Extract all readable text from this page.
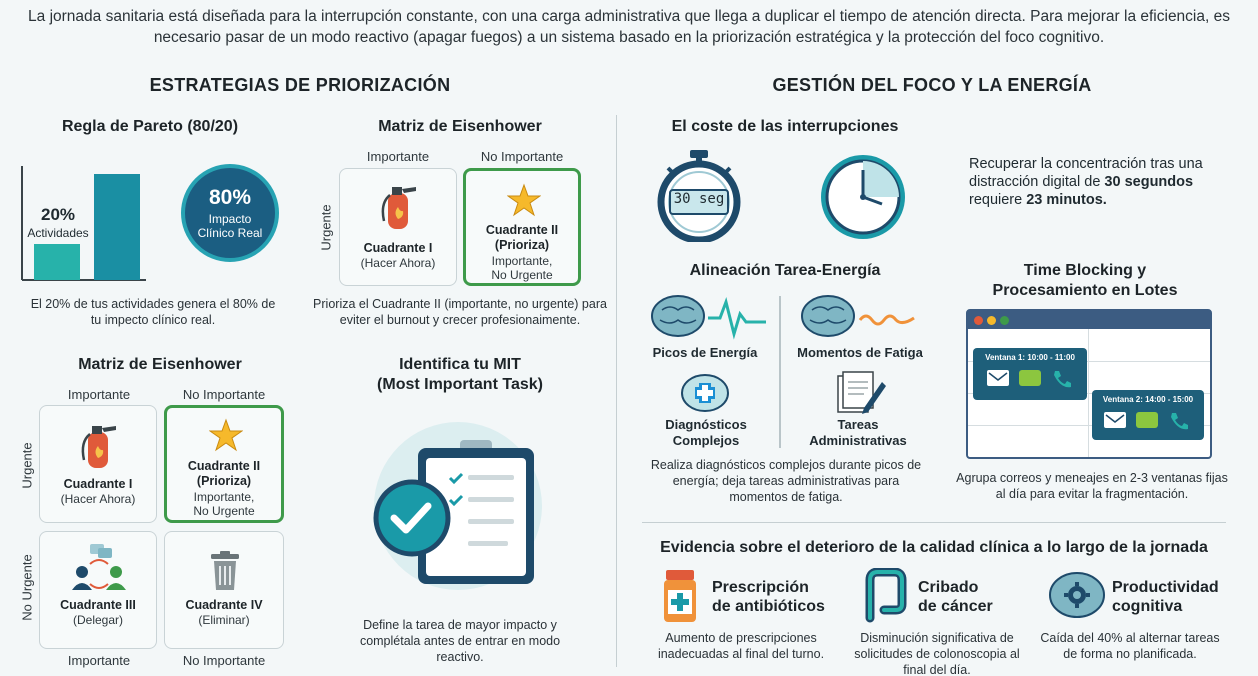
La jornada sanitaria está diseñada para la interrupción constante, con una carga administrativa que llega a duplicar el tiempo de atención directa. Para mejorar la eficiencia, es necesario pasar de un modo reactivo (apagar fuegos) a un sistema basado en la priorización estratégica y la protección del foco cognitivo.
ESTRATEGIAS DE PRIORIZACIÓN	GESTIÓN DEL FOCO Y LA ENERGÍA
Regla de Pareto (80/20)
20%
Actividades
80%
Impacto
Clínico Real
El 20% de tus actividades genera el 80% de tu impecto clínico real.
Matriz de Eisenhower
Importante	No Importante
Urgente	Cuadrante I
(Hacer Ahora)
Cuadrante II
(Prioriza)
Importante,
No Urgente
Prioriza el Cuadrante II (importante, no urgente) para eviter el burnout y crecer profesionaimente.
Matriz de Eisenhower
Importante	No Importante
Urgente
No Urgente
Cuadrante I
(Hacer Ahora)
Cuadrante II
(Prioriza)
Importante,
No Urgente
Cuadrante III
(Delegar)
Cuadrante IV
(Eliminar)
Importante	No Importante
Identifica tu MIT
(Most Important Task)
Define la tarea de mayor impacto y complétala antes de entrar en modo reactivo.
El coste de las interrupciones
30 seg
Recuperar la concentración tras una distracción digital de 30 segundos
requiere 23 minutos.
Alineación Tarea-Energía
Picos de Energía	Momentos de Fatiga
Diagnósticos
Complejos
Tareas
Administrativas
Realiza diagnósticos complejos durante picos de energía; deja tareas administrativas para momentos de fatiga.
Time Blocking y
Procesamiento en Lotes
Ventana 1: 10:00 - 11:00
Ventana 2: 14:00 - 15:00
Agrupa correos y meneajes en 2-3 ventanas fijas al día para evitar la fragmentación.
Evidencia sobre el deterioro de la calidad clínica a lo largo de la jornada
Prescripción
de antibióticos
Aumento de prescripciones inadecuadas al final del turno.
Cribado
de cáncer
Disminución significativa de solicitudes de colonoscopia al final del día.
Productividad
cognitiva
Caída del 40% al alternar tareas de forma no planificada.
